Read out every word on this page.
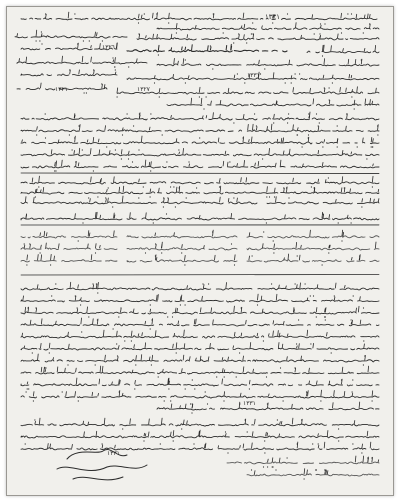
١٣٣١
١٣٢٦
١٣٣١
١٣٢٧
١٣٢١
١٣٣١
١٣٣١
